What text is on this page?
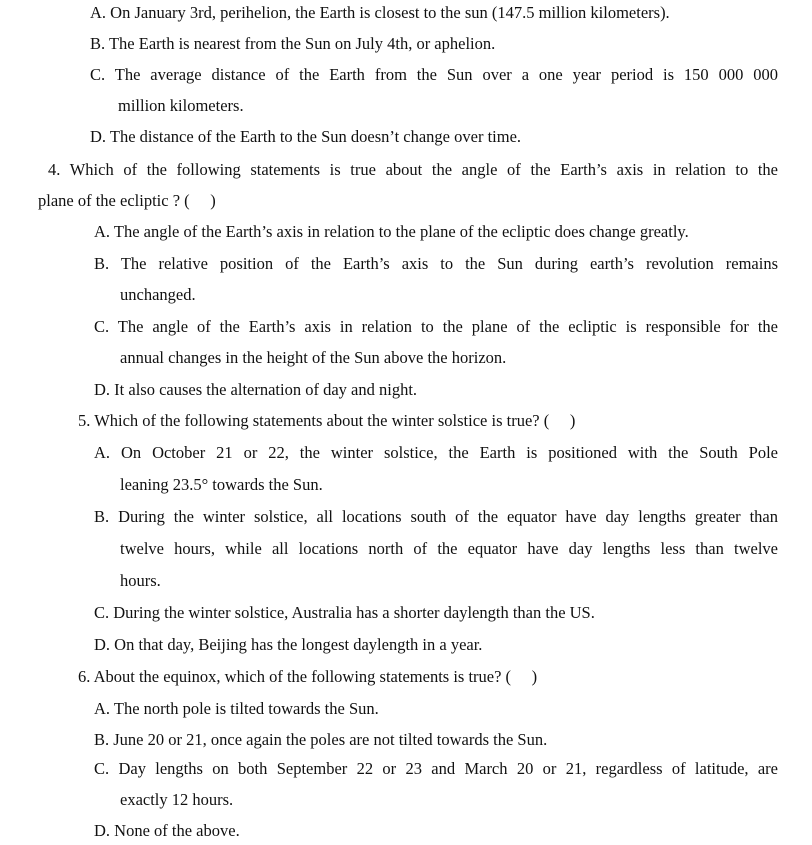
A. On January 3rd, perihelion, the Earth is closest to the sun (147.5 million kilometers).
B. The Earth is nearest from the Sun on July 4th, or aphelion.
C. The average distance of the Earth from the Sun over a one year period is 150 000 000
million kilometers.
D. The distance of the Earth to the Sun doesn’t change over time.
4. Which of the following statements is true about the angle of the Earth’s axis in relation to the
plane of the ecliptic ? (     )
A. The angle of the Earth’s axis in relation to the plane of the ecliptic does change greatly.
B. The relative position of the Earth’s axis to the Sun during earth’s revolution remains
unchanged.
C. The angle of the Earth’s axis in relation to the plane of the ecliptic is responsible for the
annual changes in the height of the Sun above the horizon.
D. It also causes the alternation of day and night.
5. Which of the following statements about the winter solstice is true? (     )
A. On October 21 or 22, the winter solstice, the Earth is positioned with the South Pole
leaning 23.5° towards the Sun.
B. During the winter solstice, all locations south of the equator have day lengths greater than
twelve hours, while all locations north of the equator have day lengths less than twelve
hours.
C. During the winter solstice, Australia has a shorter daylength than the US.
D. On that day, Beijing has the longest daylength in a year.
6. About the equinox, which of the following statements is true? (     )
A. The north pole is tilted towards the Sun.
B. June 20 or 21, once again the poles are not tilted towards the Sun.
C. Day lengths on both September 22 or 23 and March 20 or 21, regardless of latitude, are
exactly 12 hours.
D. None of the above.
